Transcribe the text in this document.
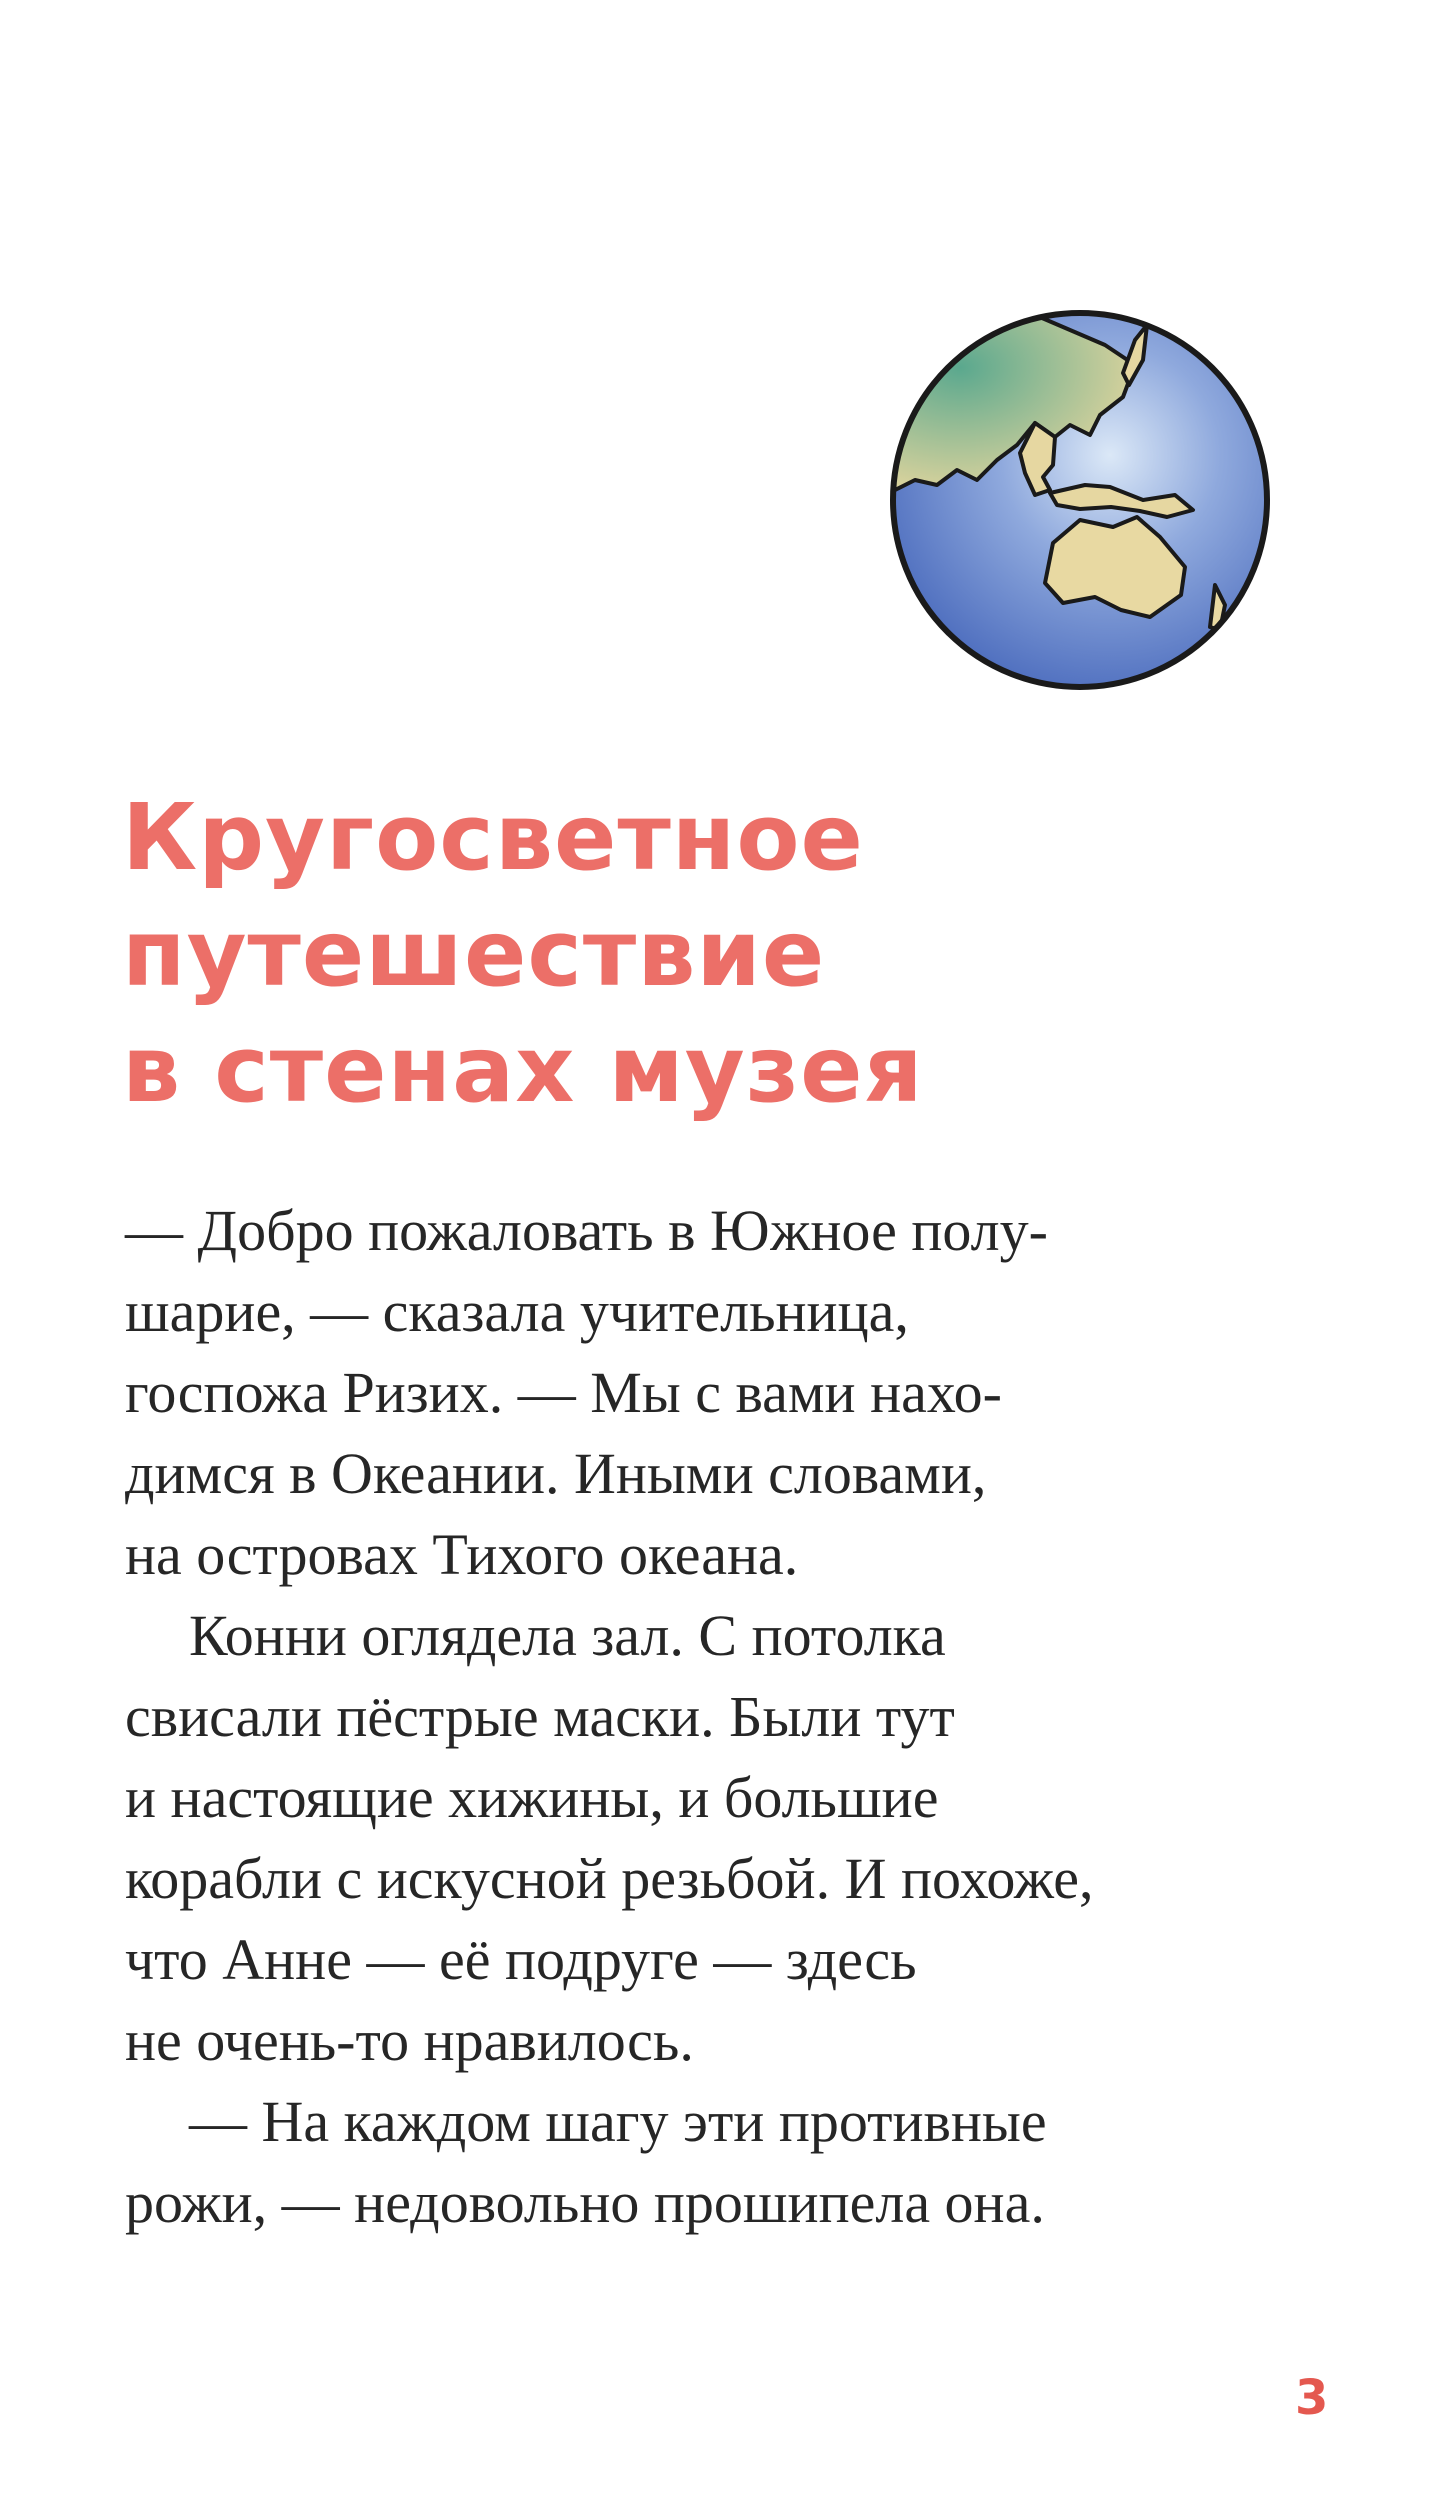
Кругосветное
путешествие
в стенах музея
— Добро пожаловать в Южное полу-
шарие, — сказала учительница,
госпожа Ризих. — Мы с вами нахо-
димся в Океании. Иными словами,
на островах Тихого океана.
Конни оглядела зал. С потолка
свисали пёстрые маски. Были тут
и настоящие хижины, и большие
корабли с искусной резьбой. И похоже,
что Анне — её подруге — здесь
не очень-то нравилось.
— На каждом шагу эти противные
рожи, — недовольно прошипела она.
3
